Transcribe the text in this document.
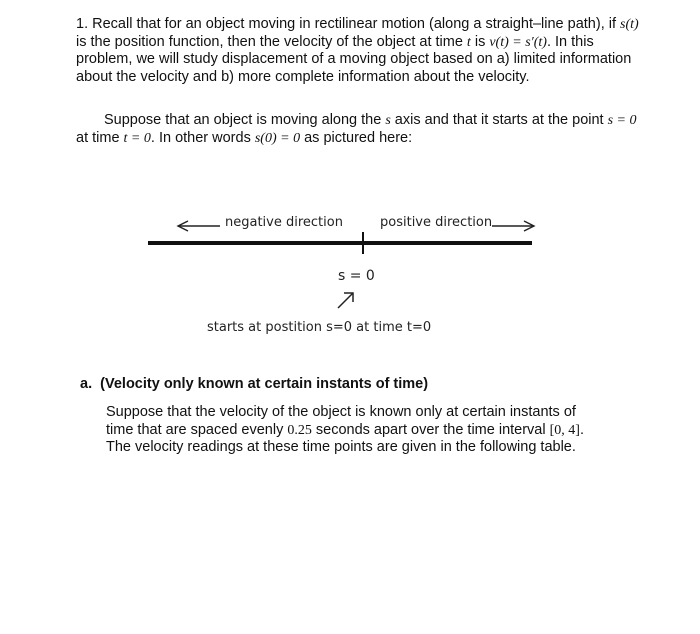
1. Recall that for an object moving in rectilinear motion (along a straight–line path), if s(t) is the position function, then the velocity of the object at time t is v(t) = s′(t). In this problem, we will study displacement of a moving object based on a) limited information about the velocity and b) more complete information about the velocity.

Suppose that an object is moving along the s axis and that it starts at the point s = 0 at time t = 0. In other words s(0) = 0 as pictured here:

negative direction	positive direction
s = 0
starts at postition s=0 at time t=0

a. (Velocity only known at certain instants of time)

Suppose that the velocity of the object is known only at certain instants of time that are spaced evenly 0.25 seconds apart over the time interval [0, 4]. The velocity readings at these time points are given in the following table.
